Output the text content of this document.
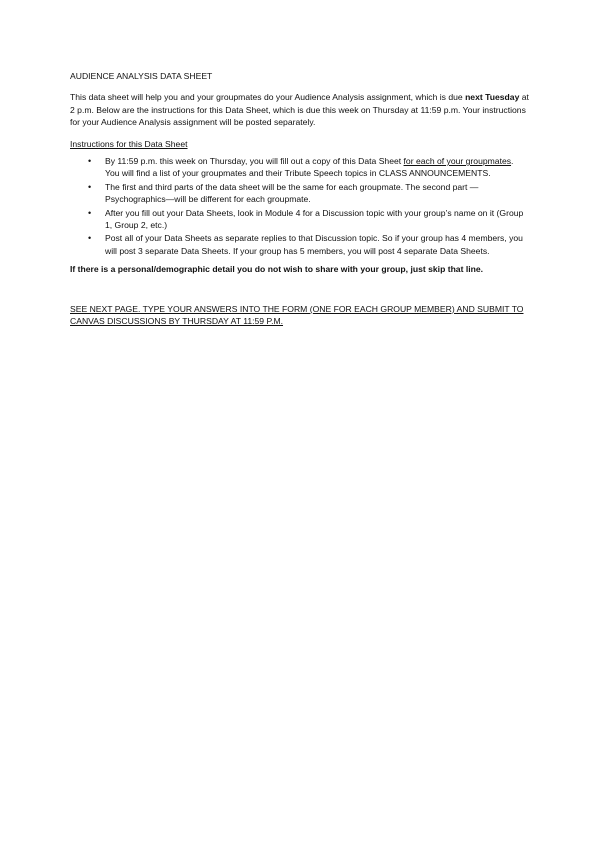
AUDIENCE ANALYSIS DATA SHEET

This data sheet will help you and your groupmates do your Audience Analysis assignment, which is due next Tuesday at 2 p.m. Below are the instructions for this Data Sheet, which is due this week on Thursday at 11:59 p.m. Your instructions for your Audience Analysis assignment will be posted separately.

Instructions for this Data Sheet

• By 11:59 p.m. this week on Thursday, you will fill out a copy of this Data Sheet for each of your groupmates. You will find a list of your groupmates and their Tribute Speech topics in CLASS ANNOUNCEMENTS.
• The first and third parts of the data sheet will be the same for each groupmate. The second part —Psychographics—will be different for each groupmate.
• After you fill out your Data Sheets, look in Module 4 for a Discussion topic with your group’s name on it (Group 1, Group 2, etc.)
• Post all of your Data Sheets as separate replies to that Discussion topic. So if your group has 4 members, you will post 3 separate Data Sheets. If your group has 5 members, you will post 4 separate Data Sheets.

If there is a personal/demographic detail you do not wish to share with your group, just skip that line.

SEE NEXT PAGE. TYPE YOUR ANSWERS INTO THE FORM (ONE FOR EACH GROUP MEMBER) AND SUBMIT TO CANVAS DISCUSSIONS BY THURSDAY AT 11:59 P.M.
